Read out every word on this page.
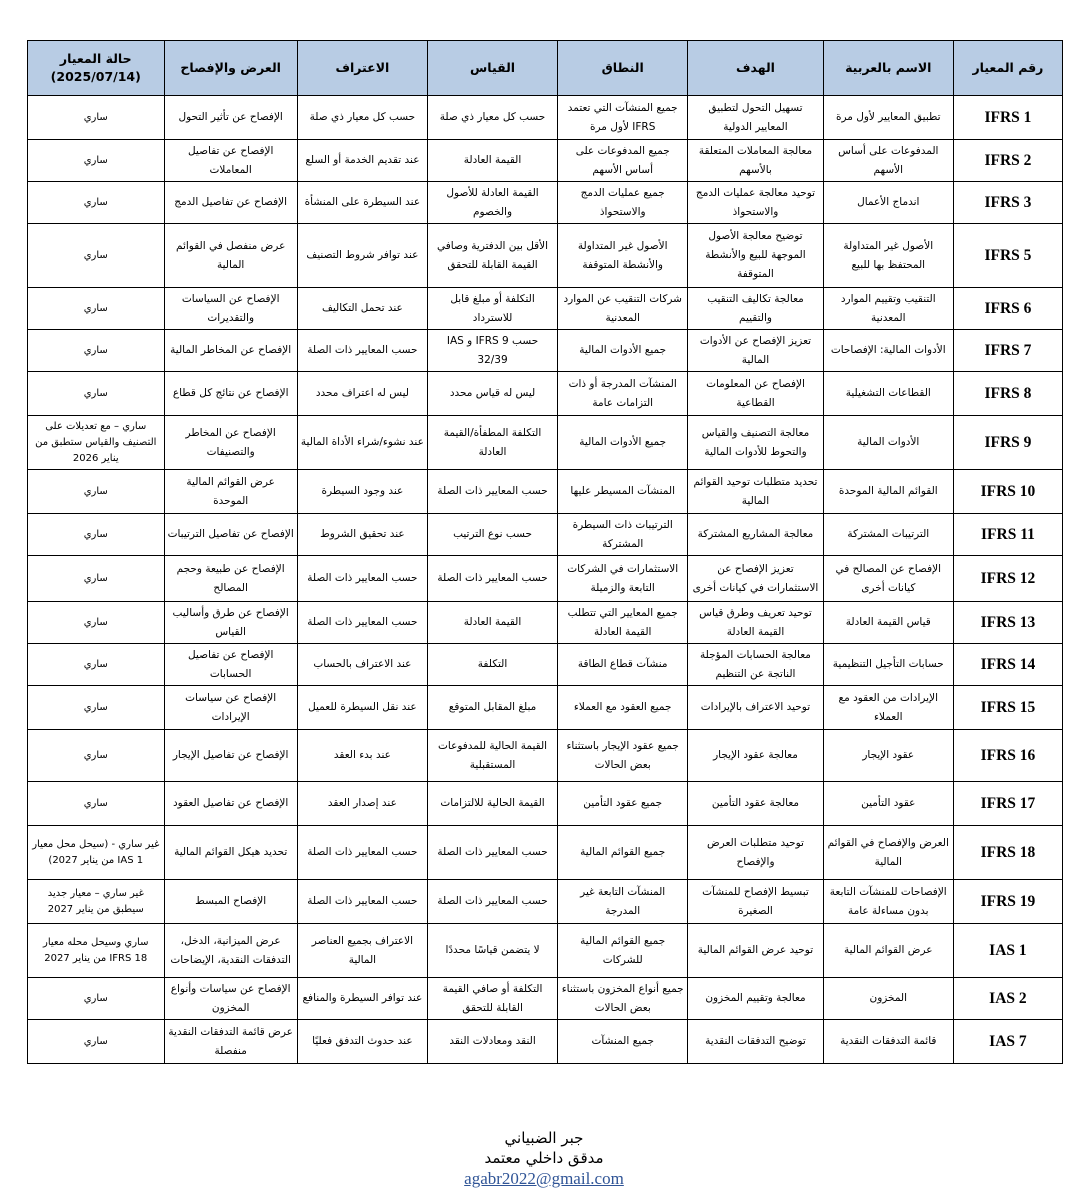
رقم المعيار	الاسم بالعربية	الهدف	النطاق	القياس	الاعتراف	العرض والإفصاح	حالة المعيار (2025/07/14)
IFRS 1	تطبيق المعايير لأول مرة	تسهيل التحول لتطبيق المعايير الدولية	جميع المنشآت التي تعتمد IFRS لأول مرة	حسب كل معيار ذي صلة	حسب كل معيار ذي صلة	الإفصاح عن تأثير التحول	ساري
IFRS 2	المدفوعات على أساس الأسهم	معالجة المعاملات المتعلقة بالأسهم	جميع المدفوعات على أساس الأسهم	القيمة العادلة	عند تقديم الخدمة أو السلع	الإفصاح عن تفاصيل المعاملات	ساري
IFRS 3	اندماج الأعمال	توحيد معالجة عمليات الدمج والاستحواذ	جميع عمليات الدمج والاستحواذ	القيمة العادلة للأصول والخصوم	عند السيطرة على المنشأة	الإفصاح عن تفاصيل الدمج	ساري
IFRS 5	الأصول غير المتداولة المحتفظ بها للبيع	توضيح معالجة الأصول الموجهة للبيع والأنشطة المتوقفة	الأصول غير المتداولة والأنشطة المتوقفة	الأقل بين الدفترية وصافي القيمة القابلة للتحقق	عند توافر شروط التصنيف	عرض منفصل في القوائم المالية	ساري
IFRS 6	التنقيب وتقييم الموارد المعدنية	معالجة تكاليف التنقيب والتقييم	شركات التنقيب عن الموارد المعدنية	التكلفة أو مبلغ قابل للاسترداد	عند تحمل التكاليف	الإفصاح عن السياسات والتقديرات	ساري
IFRS 7	الأدوات المالية: الإفصاحات	تعزيز الإفصاح عن الأدوات المالية	جميع الأدوات المالية	حسب IFRS 9 و IAS 32/39	حسب المعايير ذات الصلة	الإفصاح عن المخاطر المالية	ساري
IFRS 8	القطاعات التشغيلية	الإفصاح عن المعلومات القطاعية	المنشآت المدرجة أو ذات التزامات عامة	ليس له قياس محدد	ليس له اعتراف محدد	الإفصاح عن نتائج كل قطاع	ساري
IFRS 9	الأدوات المالية	معالجة التصنيف والقياس والتحوط للأدوات المالية	جميع الأدوات المالية	التكلفة المطفأة/القيمة العادلة	عند نشوء/شراء الأداة المالية	الإفصاح عن المخاطر والتصنيفات	ساري – مع تعديلات على التصنيف والقياس ستطبق من يناير 2026
IFRS 10	القوائم المالية الموحدة	تحديد متطلبات توحيد القوائم المالية	المنشآت المسيطر عليها	حسب المعايير ذات الصلة	عند وجود السيطرة	عرض القوائم المالية الموحدة	ساري
IFRS 11	الترتيبات المشتركة	معالجة المشاريع المشتركة	الترتيبات ذات السيطرة المشتركة	حسب نوع الترتيب	عند تحقيق الشروط	الإفصاح عن تفاصيل الترتيبات	ساري
IFRS 12	الإفصاح عن المصالح في كيانات أخرى	تعزيز الإفصاح عن الاستثمارات في كيانات أخرى	الاستثمارات في الشركات التابعة والزميلة	حسب المعايير ذات الصلة	حسب المعايير ذات الصلة	الإفصاح عن طبيعة وحجم المصالح	ساري
IFRS 13	قياس القيمة العادلة	توحيد تعريف وطرق قياس القيمة العادلة	جميع المعايير التي تتطلب القيمة العادلة	القيمة العادلة	حسب المعايير ذات الصلة	الإفصاح عن طرق وأساليب القياس	ساري
IFRS 14	حسابات التأجيل التنظيمية	معالجة الحسابات المؤجلة الناتجة عن التنظيم	منشآت قطاع الطاقة	التكلفة	عند الاعتراف بالحساب	الإفصاح عن تفاصيل الحسابات	ساري
IFRS 15	الإيرادات من العقود مع العملاء	توحيد الاعتراف بالإيرادات	جميع العقود مع العملاء	مبلغ المقابل المتوقع	عند نقل السيطرة للعميل	الإفصاح عن سياسات الإيرادات	ساري
IFRS 16	عقود الإيجار	معالجة عقود الإيجار	جميع عقود الإيجار باستثناء بعض الحالات	القيمة الحالية للمدفوعات المستقبلية	عند بدء العقد	الإفصاح عن تفاصيل الإيجار	ساري
IFRS 17	عقود التأمين	معالجة عقود التأمين	جميع عقود التأمين	القيمة الحالية للالتزامات	عند إصدار العقد	الإفصاح عن تفاصيل العقود	ساري
IFRS 18	العرض والإفصاح في القوائم المالية	توحيد متطلبات العرض والإفصاح	جميع القوائم المالية	حسب المعايير ذات الصلة	حسب المعايير ذات الصلة	تحديد هيكل القوائم المالية	غير ساري - (سيحل محل معيار IAS 1 من يناير 2027)
IFRS 19	الإفصاحات للمنشآت التابعة بدون مساءلة عامة	تبسيط الإفصاح للمنشآت الصغيرة	المنشآت التابعة غير المدرجة	حسب المعايير ذات الصلة	حسب المعايير ذات الصلة	الإفصاح المبسط	غير ساري – معيار جديد سيطبق من يناير 2027
IAS 1	عرض القوائم المالية	توحيد عرض القوائم المالية	جميع القوائم المالية للشركات	لا يتضمن قياسًا محددًا	الاعتراف بجميع العناصر المالية	عرض الميزانية، الدخل، التدفقات النقدية، الإيضاحات	ساري وسيحل محله معيار IFRS 18 من يناير 2027
IAS 2	المخزون	معالجة وتقييم المخزون	جميع أنواع المخزون باستثناء بعض الحالات	التكلفة أو صافي القيمة القابلة للتحقق	عند توافر السيطرة والمنافع	الإفصاح عن سياسات وأنواع المخزون	ساري
IAS 7	قائمة التدفقات النقدية	توضيح التدفقات النقدية	جميع المنشآت	النقد ومعادلات النقد	عند حدوث التدفق فعليًا	عرض قائمة التدفقات النقدية منفصلة	ساري
جبر الضبياني
مدقق داخلي معتمد
agabr2022@gmail.com
